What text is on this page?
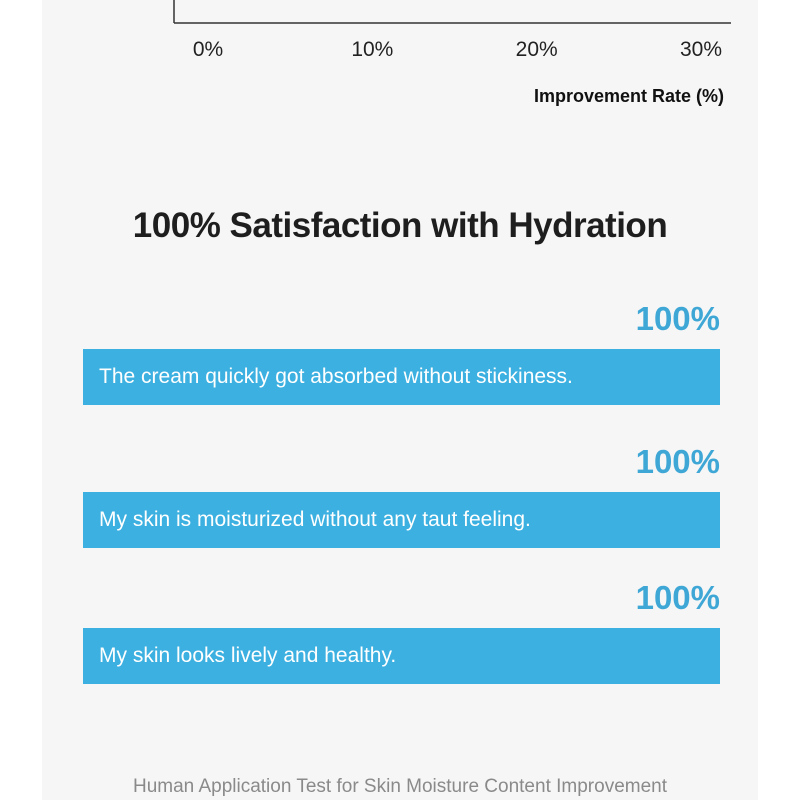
0%	10%	20%	30%
Improvement Rate (%)
100% Satisfaction with Hydration
100%
The cream quickly got absorbed without stickiness.
100%
My skin is moisturized without any taut feeling.
100%
My skin looks lively and healthy.
Human Application Test for Skin Moisture Content Improvement
